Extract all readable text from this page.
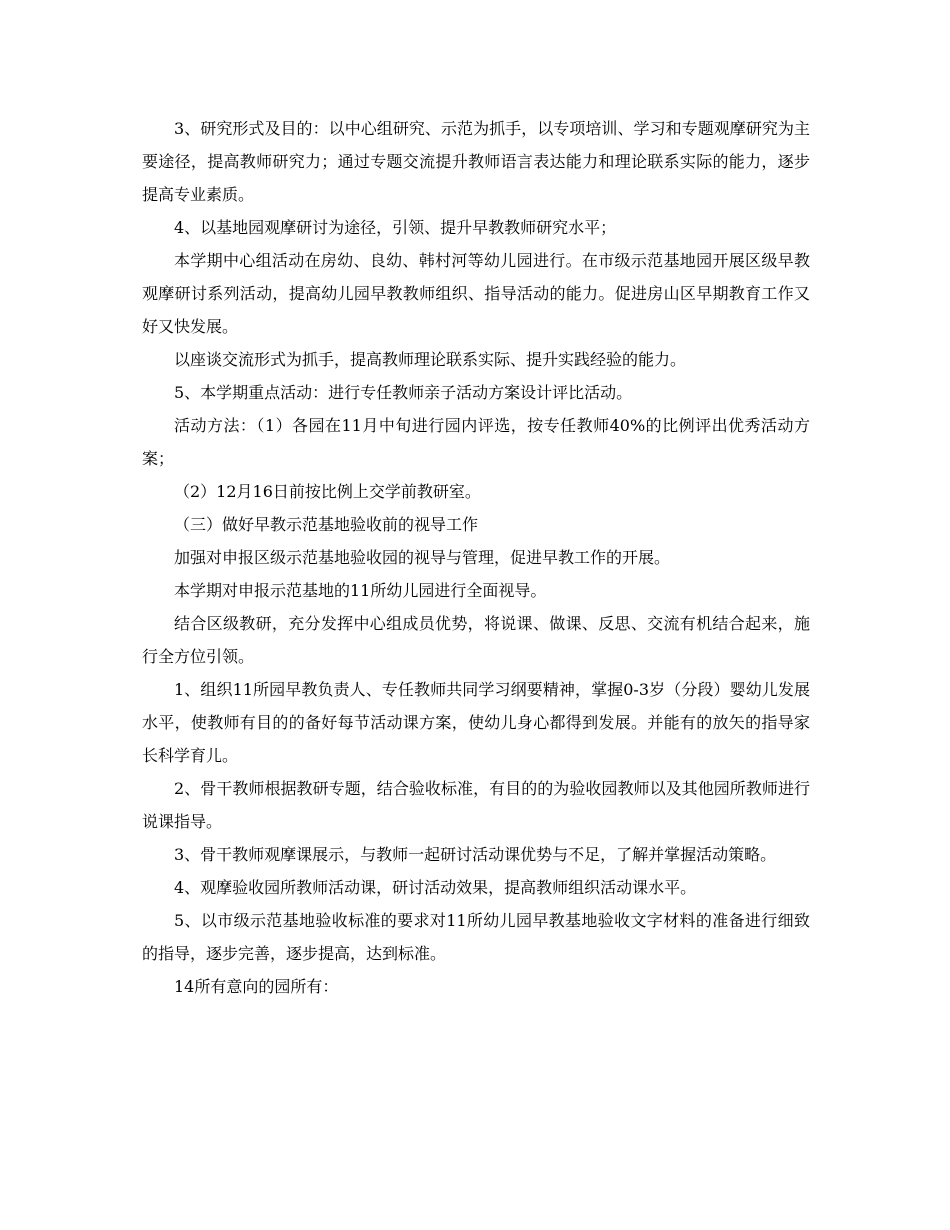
3、研究形式及目的：以中心组研究、示范为抓手，以专项培训、学习和专题观摩研究为主要途径，提高教师研究力；通过专题交流提升教师语言表达能力和理论联系实际的能力，逐步提高专业素质。

4、以基地园观摩研讨为途径，引领、提升早教教师研究水平；

本学期中心组活动在房幼、良幼、韩村河等幼儿园进行。在市级示范基地园开展区级早教观摩研讨系列活动，提高幼儿园早教教师组织、指导活动的能力。促进房山区早期教育工作又好又快发展。

以座谈交流形式为抓手，提高教师理论联系实际、提升实践经验的能力。

5、本学期重点活动：进行专任教师亲子活动方案设计评比活动。

活动方法：（1）各园在11月中旬进行园内评选，按专任教师40%的比例评出优秀活动方案；

（2）12月16日前按比例上交学前教研室。

（三）做好早教示范基地验收前的视导工作

加强对申报区级示范基地验收园的视导与管理，促进早教工作的开展。

本学期对申报示范基地的11所幼儿园进行全面视导。

结合区级教研，充分发挥中心组成员优势，将说课、做课、反思、交流有机结合起来，施行全方位引领。

1、组织11所园早教负责人、专任教师共同学习纲要精神，掌握0-3岁（分段）婴幼儿发展水平，使教师有目的的备好每节活动课方案，使幼儿身心都得到发展。并能有的放矢的指导家长科学育儿。

2、骨干教师根据教研专题，结合验收标准，有目的的为验收园教师以及其他园所教师进行说课指导。

3、骨干教师观摩课展示，与教师一起研讨活动课优势与不足，了解并掌握活动策略。

4、观摩验收园所教师活动课，研讨活动效果，提高教师组织活动课水平。

5、以市级示范基地验收标准的要求对11所幼儿园早教基地验收文字材料的准备进行细致的指导，逐步完善，逐步提高，达到标准。

14所有意向的园所有：
